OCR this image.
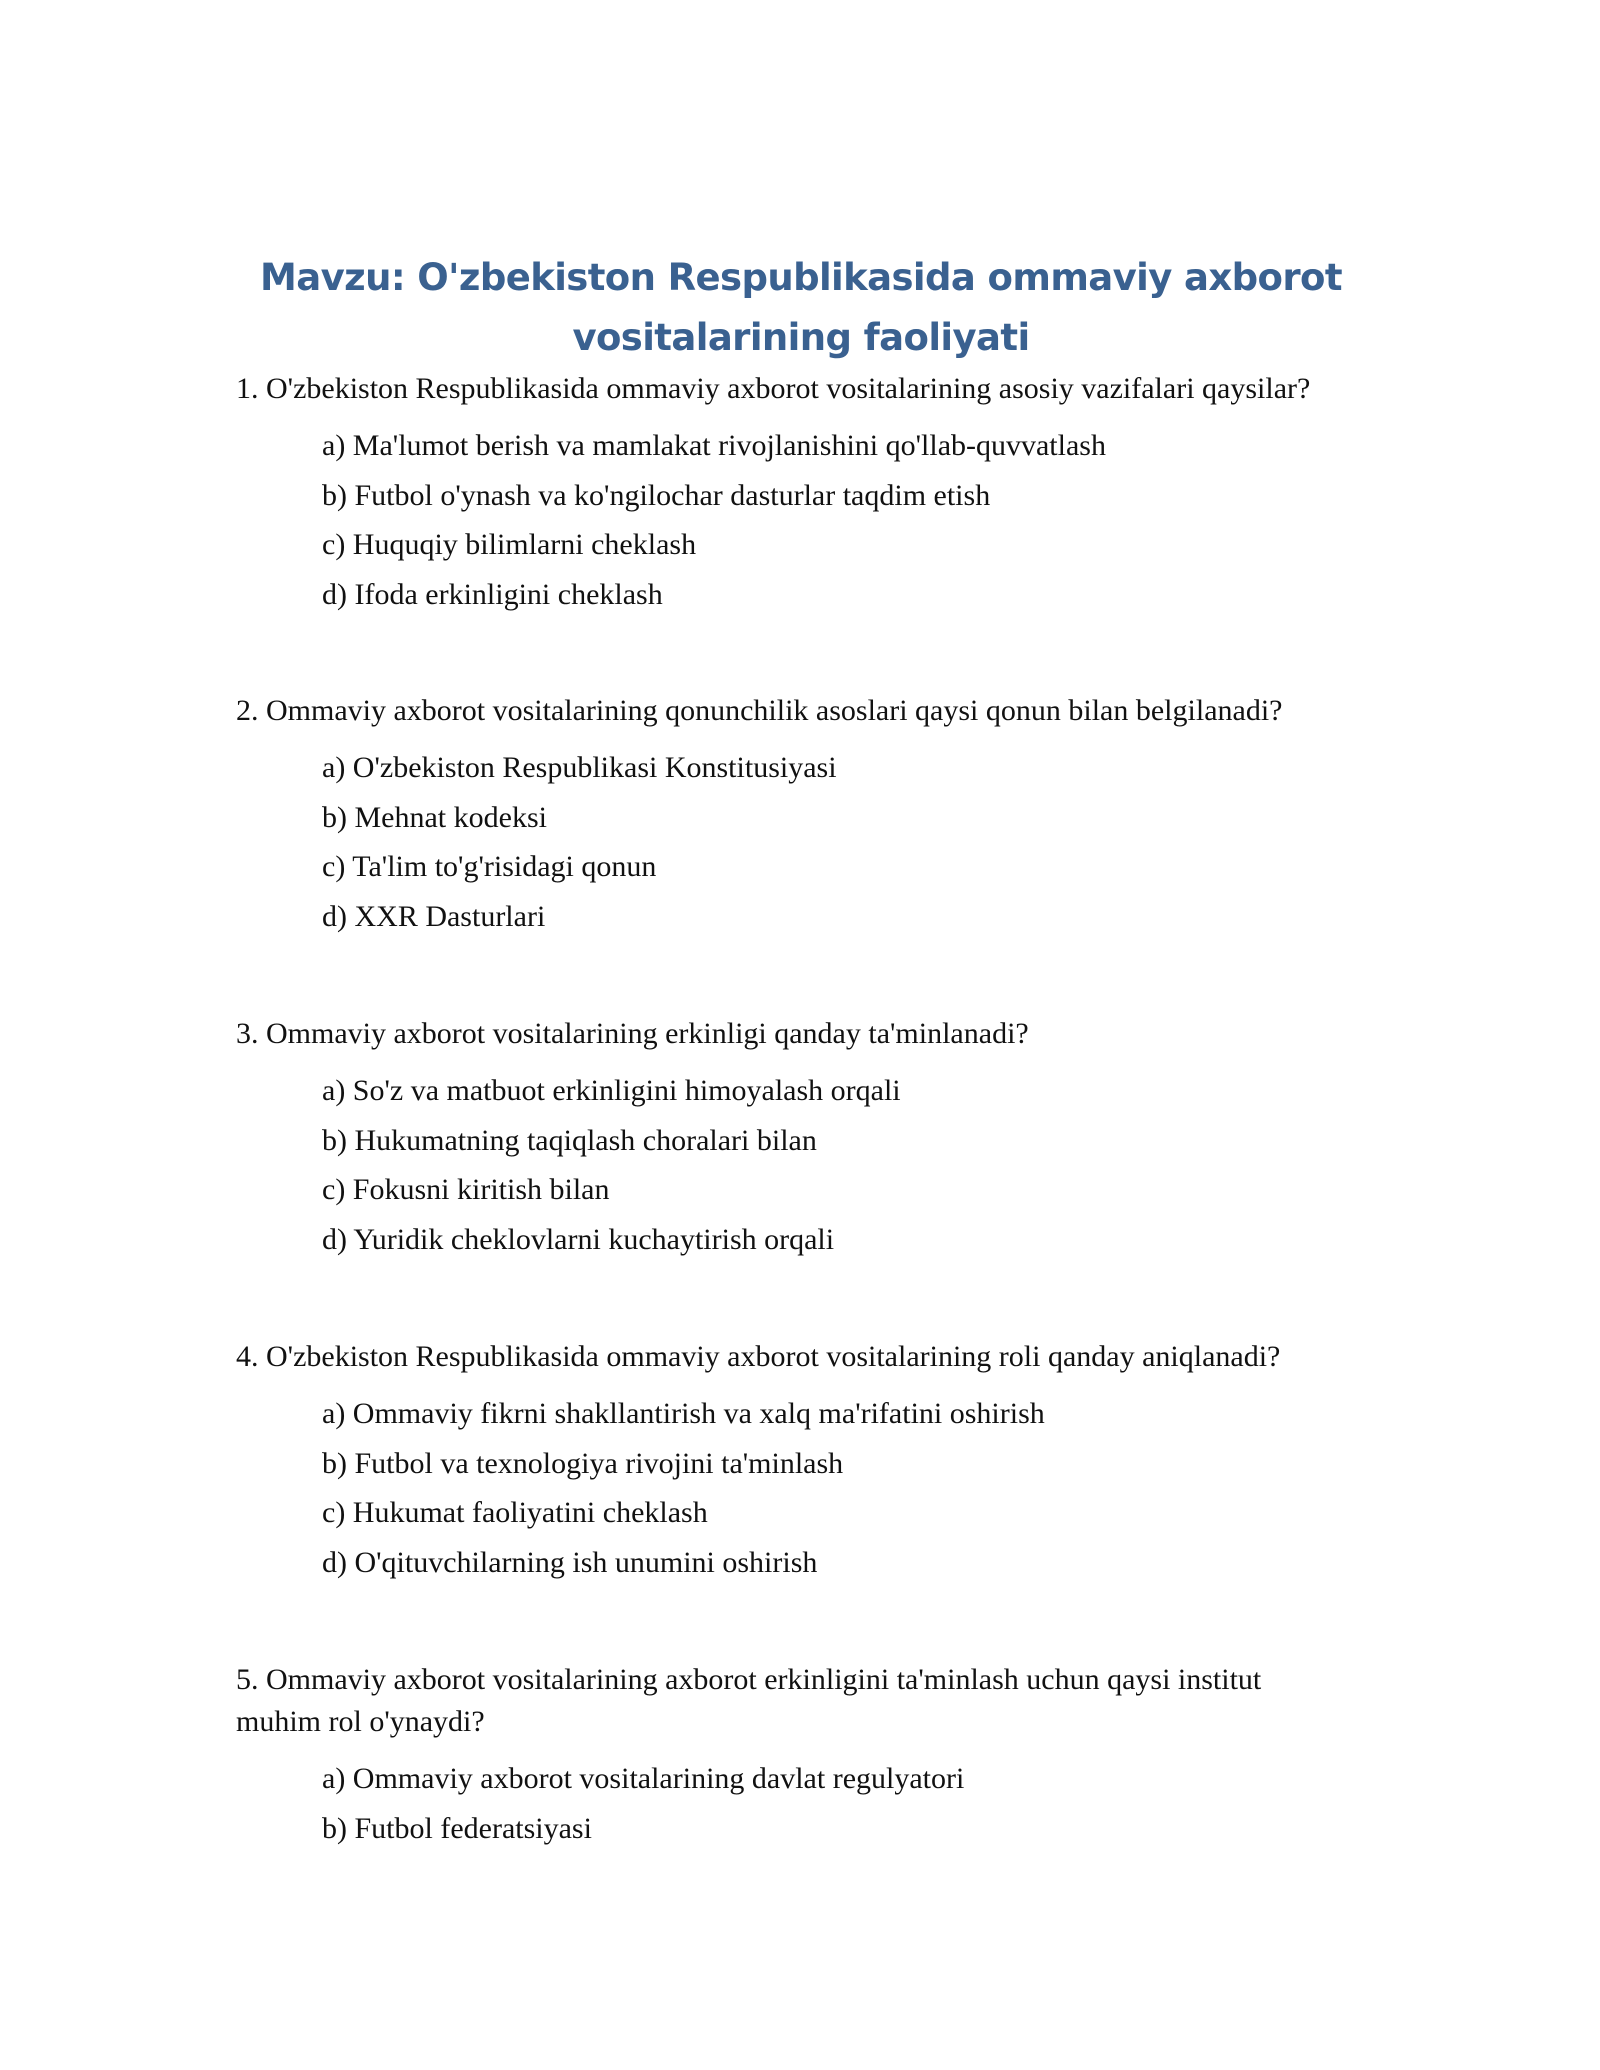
Mavzu: O'zbekiston Respublikasida ommaviy axborot
vositalarining faoliyati
1. O'zbekiston Respublikasida ommaviy axborot vositalarining asosiy vazifalari qaysilar?
a) Ma'lumot berish va mamlakat rivojlanishini qo'llab-quvvatlash
b) Futbol o'ynash va ko'ngilochar dasturlar taqdim etish
c) Huquqiy bilimlarni cheklash
d) Ifoda erkinligini cheklash
2. Ommaviy axborot vositalarining qonunchilik asoslari qaysi qonun bilan belgilanadi?
a) O'zbekiston Respublikasi Konstitusiyasi
b) Mehnat kodeksi
c) Ta'lim to'g'risidagi qonun
d) XXR Dasturlari
3. Ommaviy axborot vositalarining erkinligi qanday ta'minlanadi?
a) So'z va matbuot erkinligini himoyalash orqali
b) Hukumatning taqiqlash choralari bilan
c) Fokusni kiritish bilan
d) Yuridik cheklovlarni kuchaytirish orqali
4. O'zbekiston Respublikasida ommaviy axborot vositalarining roli qanday aniqlanadi?
a) Ommaviy fikrni shakllantirish va xalq ma'rifatini oshirish
b) Futbol va texnologiya rivojini ta'minlash
c) Hukumat faoliyatini cheklash
d) O'qituvchilarning ish unumini oshirish
5. Ommaviy axborot vositalarining axborot erkinligini ta'minlash uchun qaysi institut muhim rol o'ynaydi?
a) Ommaviy axborot vositalarining davlat regulyatori
b) Futbol federatsiyasi
